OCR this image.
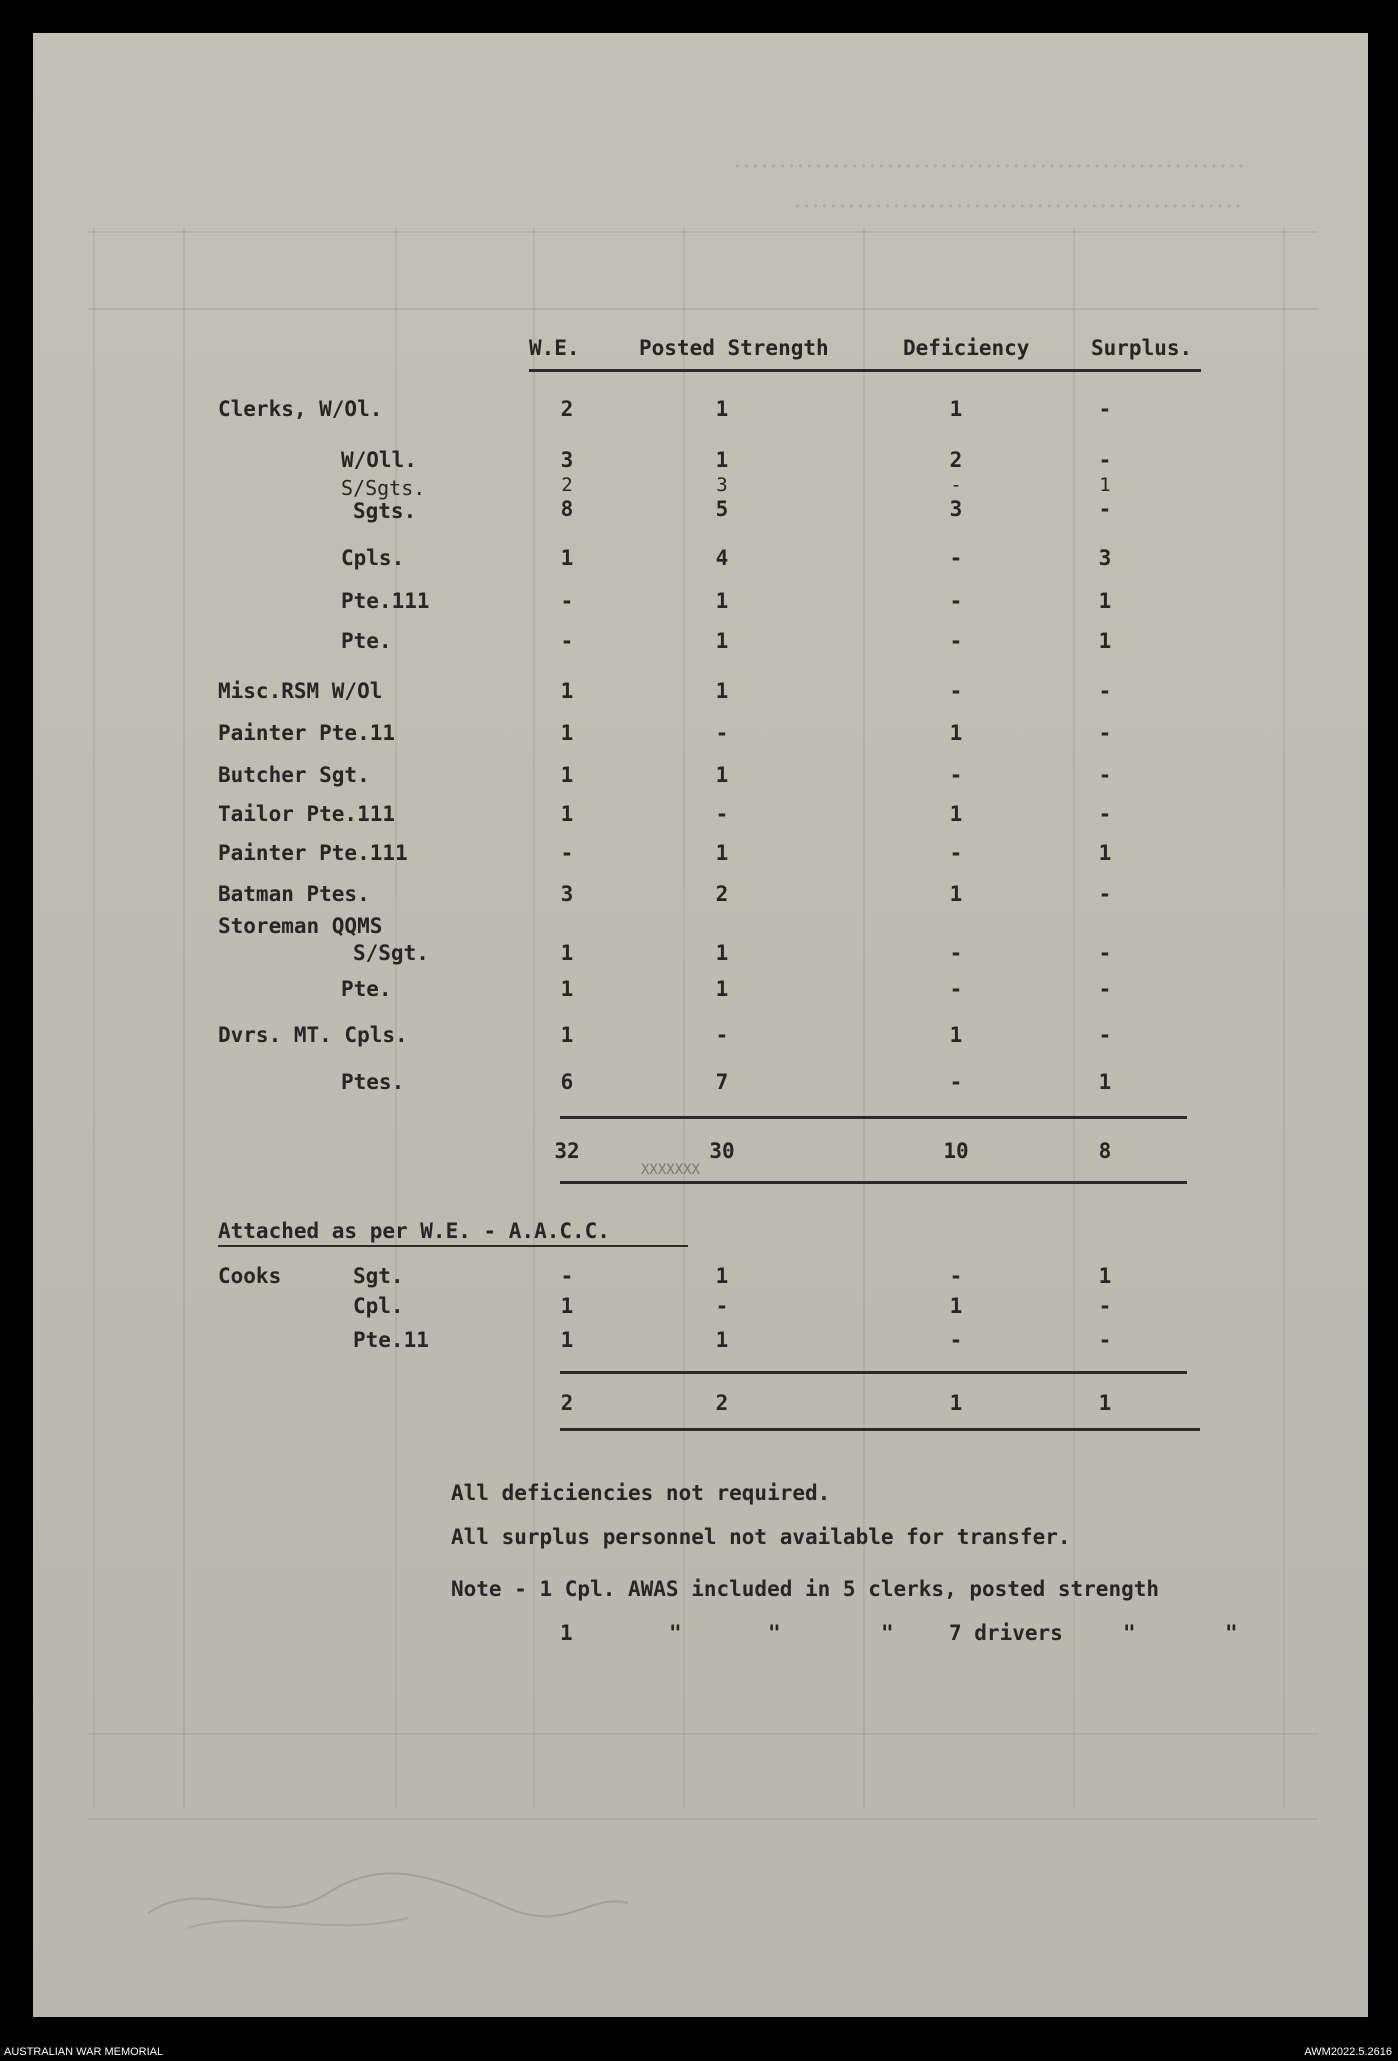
·························································
··················································
W.E.	Posted Strength	Deficiency	Surplus.
Clerks, W/Ol.	2	1	1	-
W/Oll.	3	1	2	-
S/Sgts.	2	3	-	1
Sgts.	8	5	3	-
Cpls.	1	4	-	3
Pte.111	-	1	-	1
Pte.	-	1	-	1
Misc.RSM W/Ol	1	1	-	-
Painter Pte.11	1	-	1	-
Butcher Sgt.	1	1	-	-
Tailor Pte.111	1	-	1	-
Painter Pte.111	-	1	-	1
Batman Ptes.	3	2	1	-
Storeman QQMS
S/Sgt.	1	1	-	-
Pte.	1	1	-	-
Dvrs. MT. Cpls.	1	-	1	-
Ptes.	6	7	-	1
32	30	10	8
XXXXXXX
Attached as per W.E. - A.A.C.C.
Cooks	Sgt.	-	1	-	1
Cpl.	1	-	1	-
Pte.11	1	1	-	-
2	2	1	1
All deficiencies not required.
All surplus personnel not available for transfer.
Note - 1 Cpl. AWAS included in 5 clerks, posted strength
1	"	"	"	7 drivers	"	"
AUSTRALIAN WAR MEMORIAL	AWM2022.5.2616
